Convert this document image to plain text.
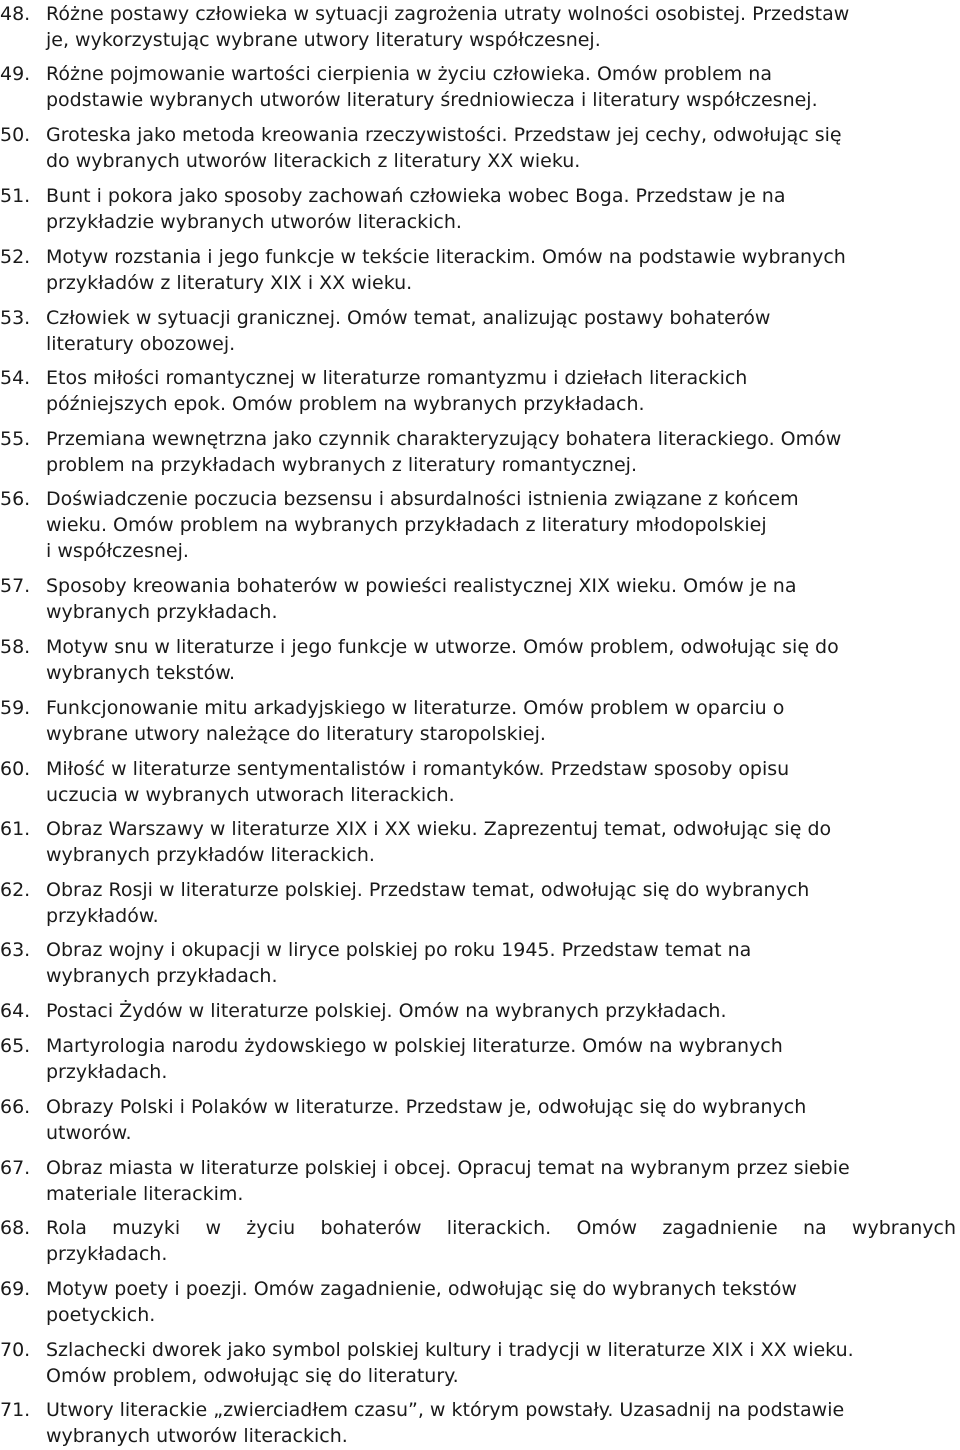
48. Różne postawy człowieka w sytuacji zagrożenia utraty wolności osobistej. Przedstaw
je, wykorzystując wybrane utwory literatury współczesnej.
49. Różne pojmowanie wartości cierpienia w życiu człowieka. Omów problem na
podstawie wybranych utworów literatury średniowiecza i literatury współczesnej.
50. Groteska jako metoda kreowania rzeczywistości. Przedstaw jej cechy, odwołując się
do wybranych utworów literackich z literatury XX wieku.
51. Bunt i pokora jako sposoby zachowań człowieka wobec Boga. Przedstaw je na
przykładzie wybranych utworów literackich.
52. Motyw rozstania i jego funkcje w tekście literackim. Omów na podstawie wybranych
przykładów z literatury XIX i XX wieku.
53. Człowiek w sytuacji granicznej. Omów temat, analizując postawy bohaterów
literatury obozowej.
54. Etos miłości romantycznej w literaturze romantyzmu i dziełach literackich
późniejszych epok. Omów problem na wybranych przykładach.
55. Przemiana wewnętrzna jako czynnik charakteryzujący bohatera literackiego. Omów
problem na przykładach wybranych z literatury romantycznej.
56. Doświadczenie poczucia bezsensu i absurdalności istnienia związane z końcem
wieku. Omów problem na wybranych przykładach z literatury młodopolskiej
i współczesnej.
57. Sposoby kreowania bohaterów w powieści realistycznej XIX wieku. Omów je na
wybranych przykładach.
58. Motyw snu w literaturze i jego funkcje w utworze. Omów problem, odwołując się do
wybranych tekstów.
59. Funkcjonowanie mitu arkadyjskiego w literaturze. Omów problem w oparciu o
wybrane utwory należące do literatury staropolskiej.
60. Miłość w literaturze sentymentalistów i romantyków. Przedstaw sposoby opisu
uczucia w wybranych utworach literackich.
61. Obraz Warszawy w literaturze XIX i XX wieku. Zaprezentuj temat, odwołując się do
wybranych przykładów literackich.
62. Obraz Rosji w literaturze polskiej. Przedstaw temat, odwołując się do wybranych
przykładów.
63. Obraz wojny i okupacji w liryce polskiej po roku 1945. Przedstaw temat na
wybranych przykładach.
64. Postaci Żydów w literaturze polskiej. Omów na wybranych przykładach.
65. Martyrologia narodu żydowskiego w polskiej literaturze. Omów na wybranych
przykładach.
66. Obrazy Polski i Polaków w literaturze. Przedstaw je, odwołując się do wybranych
utworów.
67. Obraz miasta w literaturze polskiej i obcej. Opracuj temat na wybranym przez siebie
materiale literackim.
68. Rola muzyki w życiu bohaterów literackich. Omów zagadnienie na wybranych
przykładach.
69. Motyw poety i poezji. Omów zagadnienie, odwołując się do wybranych tekstów
poetyckich.
70. Szlachecki dworek jako symbol polskiej kultury i tradycji w literaturze XIX i XX wieku.
Omów problem, odwołując się do literatury.
71. Utwory literackie „zwierciadłem czasu”, w którym powstały. Uzasadnij na podstawie
wybranych utworów literackich.
